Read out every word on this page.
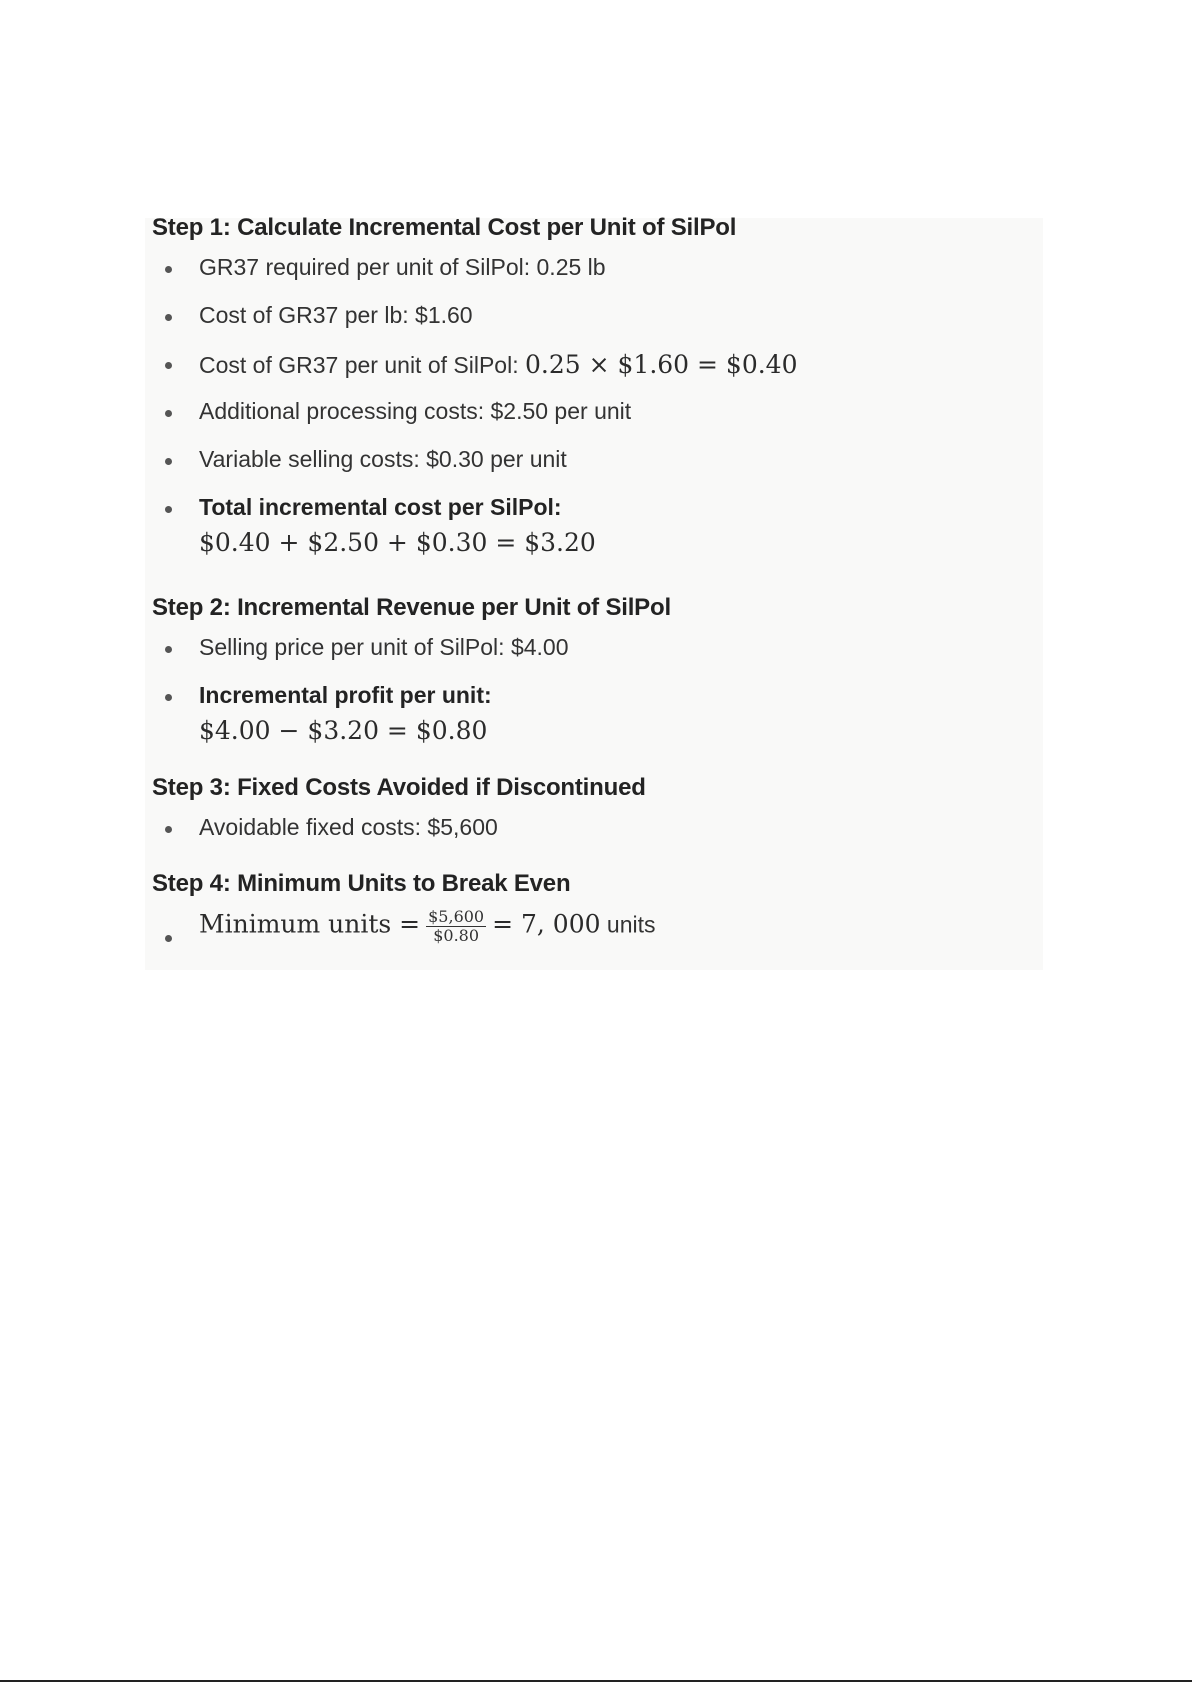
Step 1: Calculate Incremental Cost per Unit of SilPol
GR37 required per unit of SilPol: 0.25 lb
Cost of GR37 per lb: $1.60
Cost of GR37 per unit of SilPol: 0.25 × $1.60 = $0.40
Additional processing costs: $2.50 per unit
Variable selling costs: $0.30 per unit
Total incremental cost per SilPol:
$0.40 + $2.50 + $0.30 = $3.20
Step 2: Incremental Revenue per Unit of SilPol
Selling price per unit of SilPol: $4.00
Incremental profit per unit:
$4.00 − $3.20 = $0.80
Step 3: Fixed Costs Avoided if Discontinued
Avoidable fixed costs: $5,600
Step 4: Minimum Units to Break Even
Minimum units = $\frac{\$5,600}{\$0.80} = 7$, 000 units
